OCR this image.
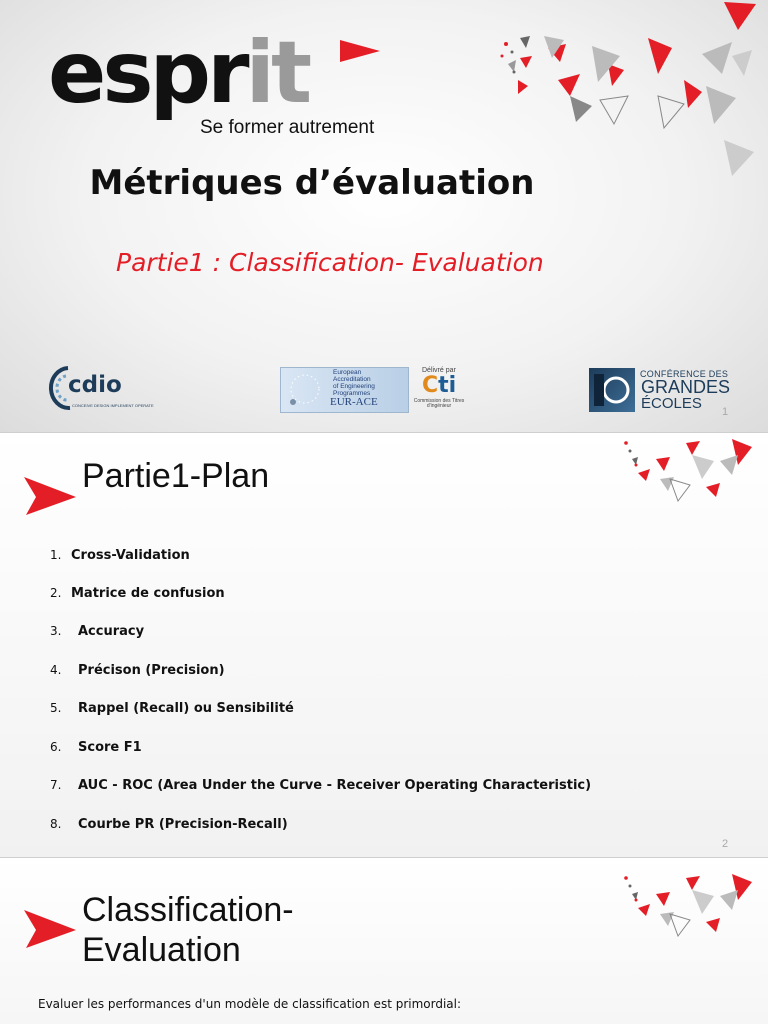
esprit
Se former autrement
Métriques d’évaluation
Partie1 : Classification- Evaluation
cdio
CONCEIVE DESIGN IMPLEMENT OPERATE
European
Accreditation
of Engineering
Programmes
EUR-ACE
Délivré par
Cti
Commission des Titres d'ingénieur
CONFÉRENCE DES
GRANDES
ÉCOLES 1
Partie1-Plan
1. Cross-Validation
2. Matrice de confusion
3. Accuracy
4. Précison (Precision)
5. Rappel (Recall) ou Sensibilité
6. Score F1
7. AUC - ROC (Area Under the Curve - Receiver Operating Characteristic)
8. Courbe PR (Precision-Recall)
2
Classification-
Evaluation
Evaluer les performances d'un modèle de classification est primordial:
